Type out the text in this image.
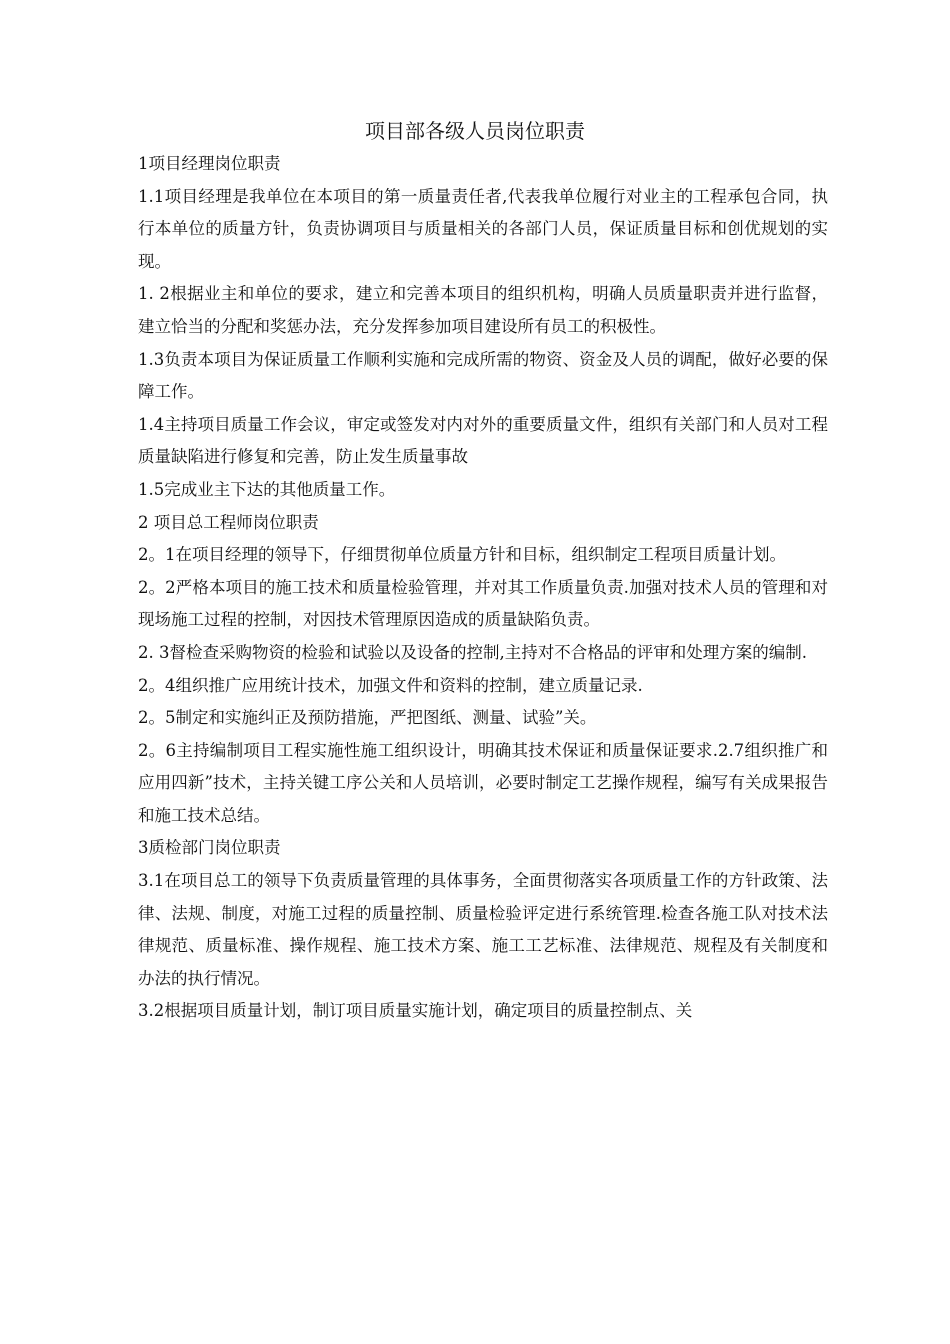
项目部各级人员岗位职责

1项目经理岗位职责

1.1项目经理是我单位在本项目的第一质量责任者,代表我单位履行对业主的工程承包合同，执行本单位的质量方针，负责协调项目与质量相关的各部门人员，保证质量目标和创优规划的实现。

1. 2根据业主和单位的要求，建立和完善本项目的组织机构，明确人员质量职责并进行监督，建立恰当的分配和奖惩办法，充分发挥参加项目建设所有员工的积极性。

1.3负责本项目为保证质量工作顺利实施和完成所需的物资、资金及人员的调配，做好必要的保障工作。

1.4主持项目质量工作会议，审定或签发对内对外的重要质量文件，组织有关部门和人员对工程质量缺陷进行修复和完善，防止发生质量事故

1.5完成业主下达的其他质量工作。

2 项目总工程师岗位职责

2。1在项目经理的领导下，仔细贯彻单位质量方针和目标，组织制定工程项目质量计划。

2。2严格本项目的施工技术和质量检验管理，并对其工作质量负责.加强对技术人员的管理和对现场施工过程的控制，对因技术管理原因造成的质量缺陷负责。

2. 3督检查采购物资的检验和试验以及设备的控制,主持对不合格品的评审和处理方案的编制.

2。4组织推广应用统计技术，加强文件和资料的控制，建立质量记录.

2。5制定和实施纠正及预防措施，严把图纸、测量、试验”关。

2。6主持编制项目工程实施性施工组织设计，明确其技术保证和质量保证要求.2.7组织推广和应用四新”技术，主持关键工序公关和人员培训，必要时制定工艺操作规程，编写有关成果报告和施工技术总结。

3质检部门岗位职责

3.1在项目总工的领导下负责质量管理的具体事务，全面贯彻落实各项质量工作的方针政策、法律、法规、制度，对施工过程的质量控制、质量检验评定进行系统管理.检查各施工队对技术法律规范、质量标准、操作规程、施工技术方案、施工工艺标准、法律规范、规程及有关制度和办法的执行情况。

3.2根据项目质量计划，制订项目质量实施计划，确定项目的质量控制点、关
